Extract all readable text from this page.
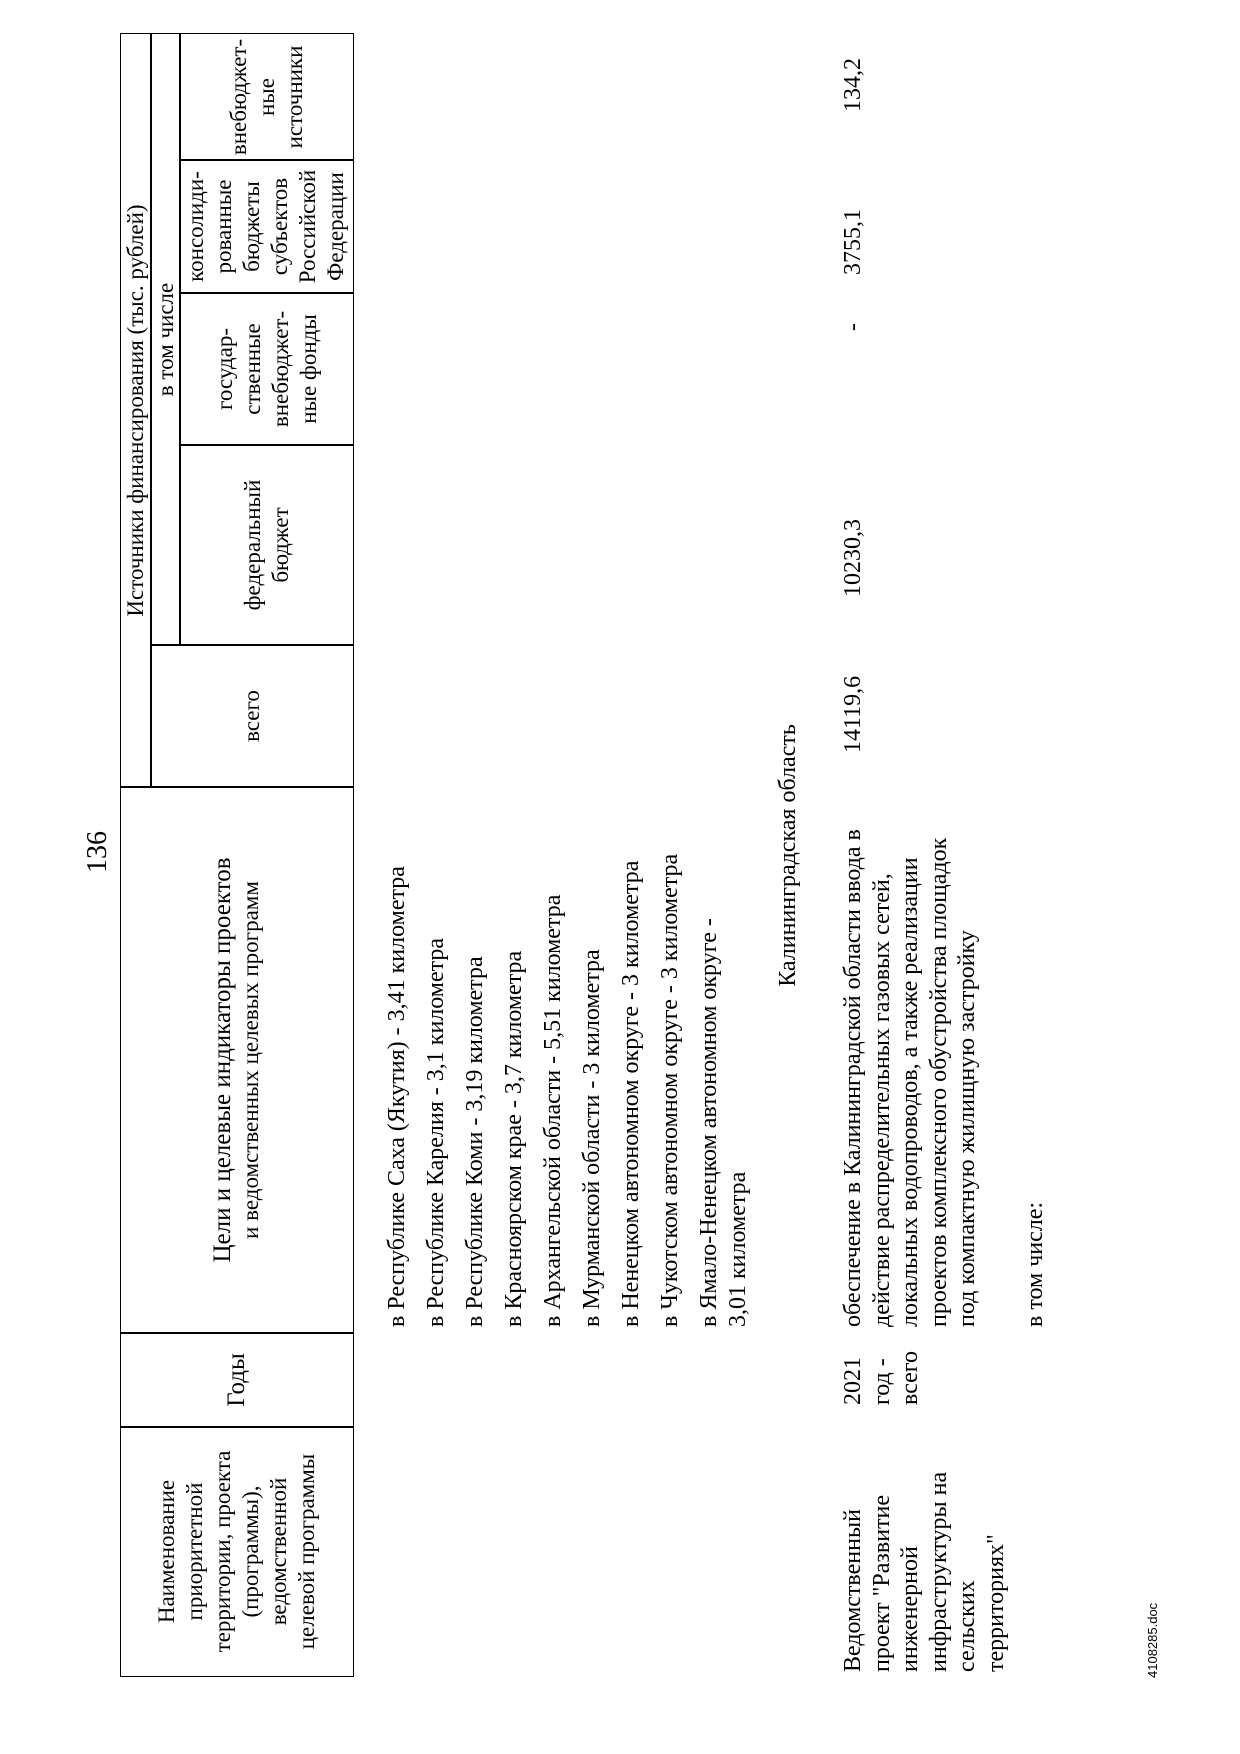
136
Наименование приоритетной территории, проекта (программы), ведомственной целевой программы
Годы
Цели и целевые индикаторы проектов и ведомственных целевых программ
Источники финансирования (тыс. рублей)
всего
в том числе
федеральный бюджет
государ- ственные внебюджет- ные фонды
консолиди- рованные бюджеты субъектов Российской Федерации
внебюджет- ные источники
в Республике Саха (Якутия) - 3,41 километра в Республике Карелия - 3,1 километра в Республике Коми - 3,19 километра в Красноярском крае - 3,7 километра в Архангельской области - 5,51 километра в Мурманской области - 3 километра в Ненецком автономном округе - 3 километра в Чукотском автономном округе - 3 километра в Ямало-Ненецком автономном округе -
3,01 километра
Калининградская область
Ведомственный проект "Развитие инженерной инфраструктуры на сельских территориях"
2021 год - всего
обеспечение в Калининградской области ввода в действие распределительных газовых сетей, локальных водопроводов, а также реализации проектов комплексного обустройства площадок под компактную жилищную застройку
14119,6
10230,3
-
3755,1
134,2
в том числе:
4108285.doc
